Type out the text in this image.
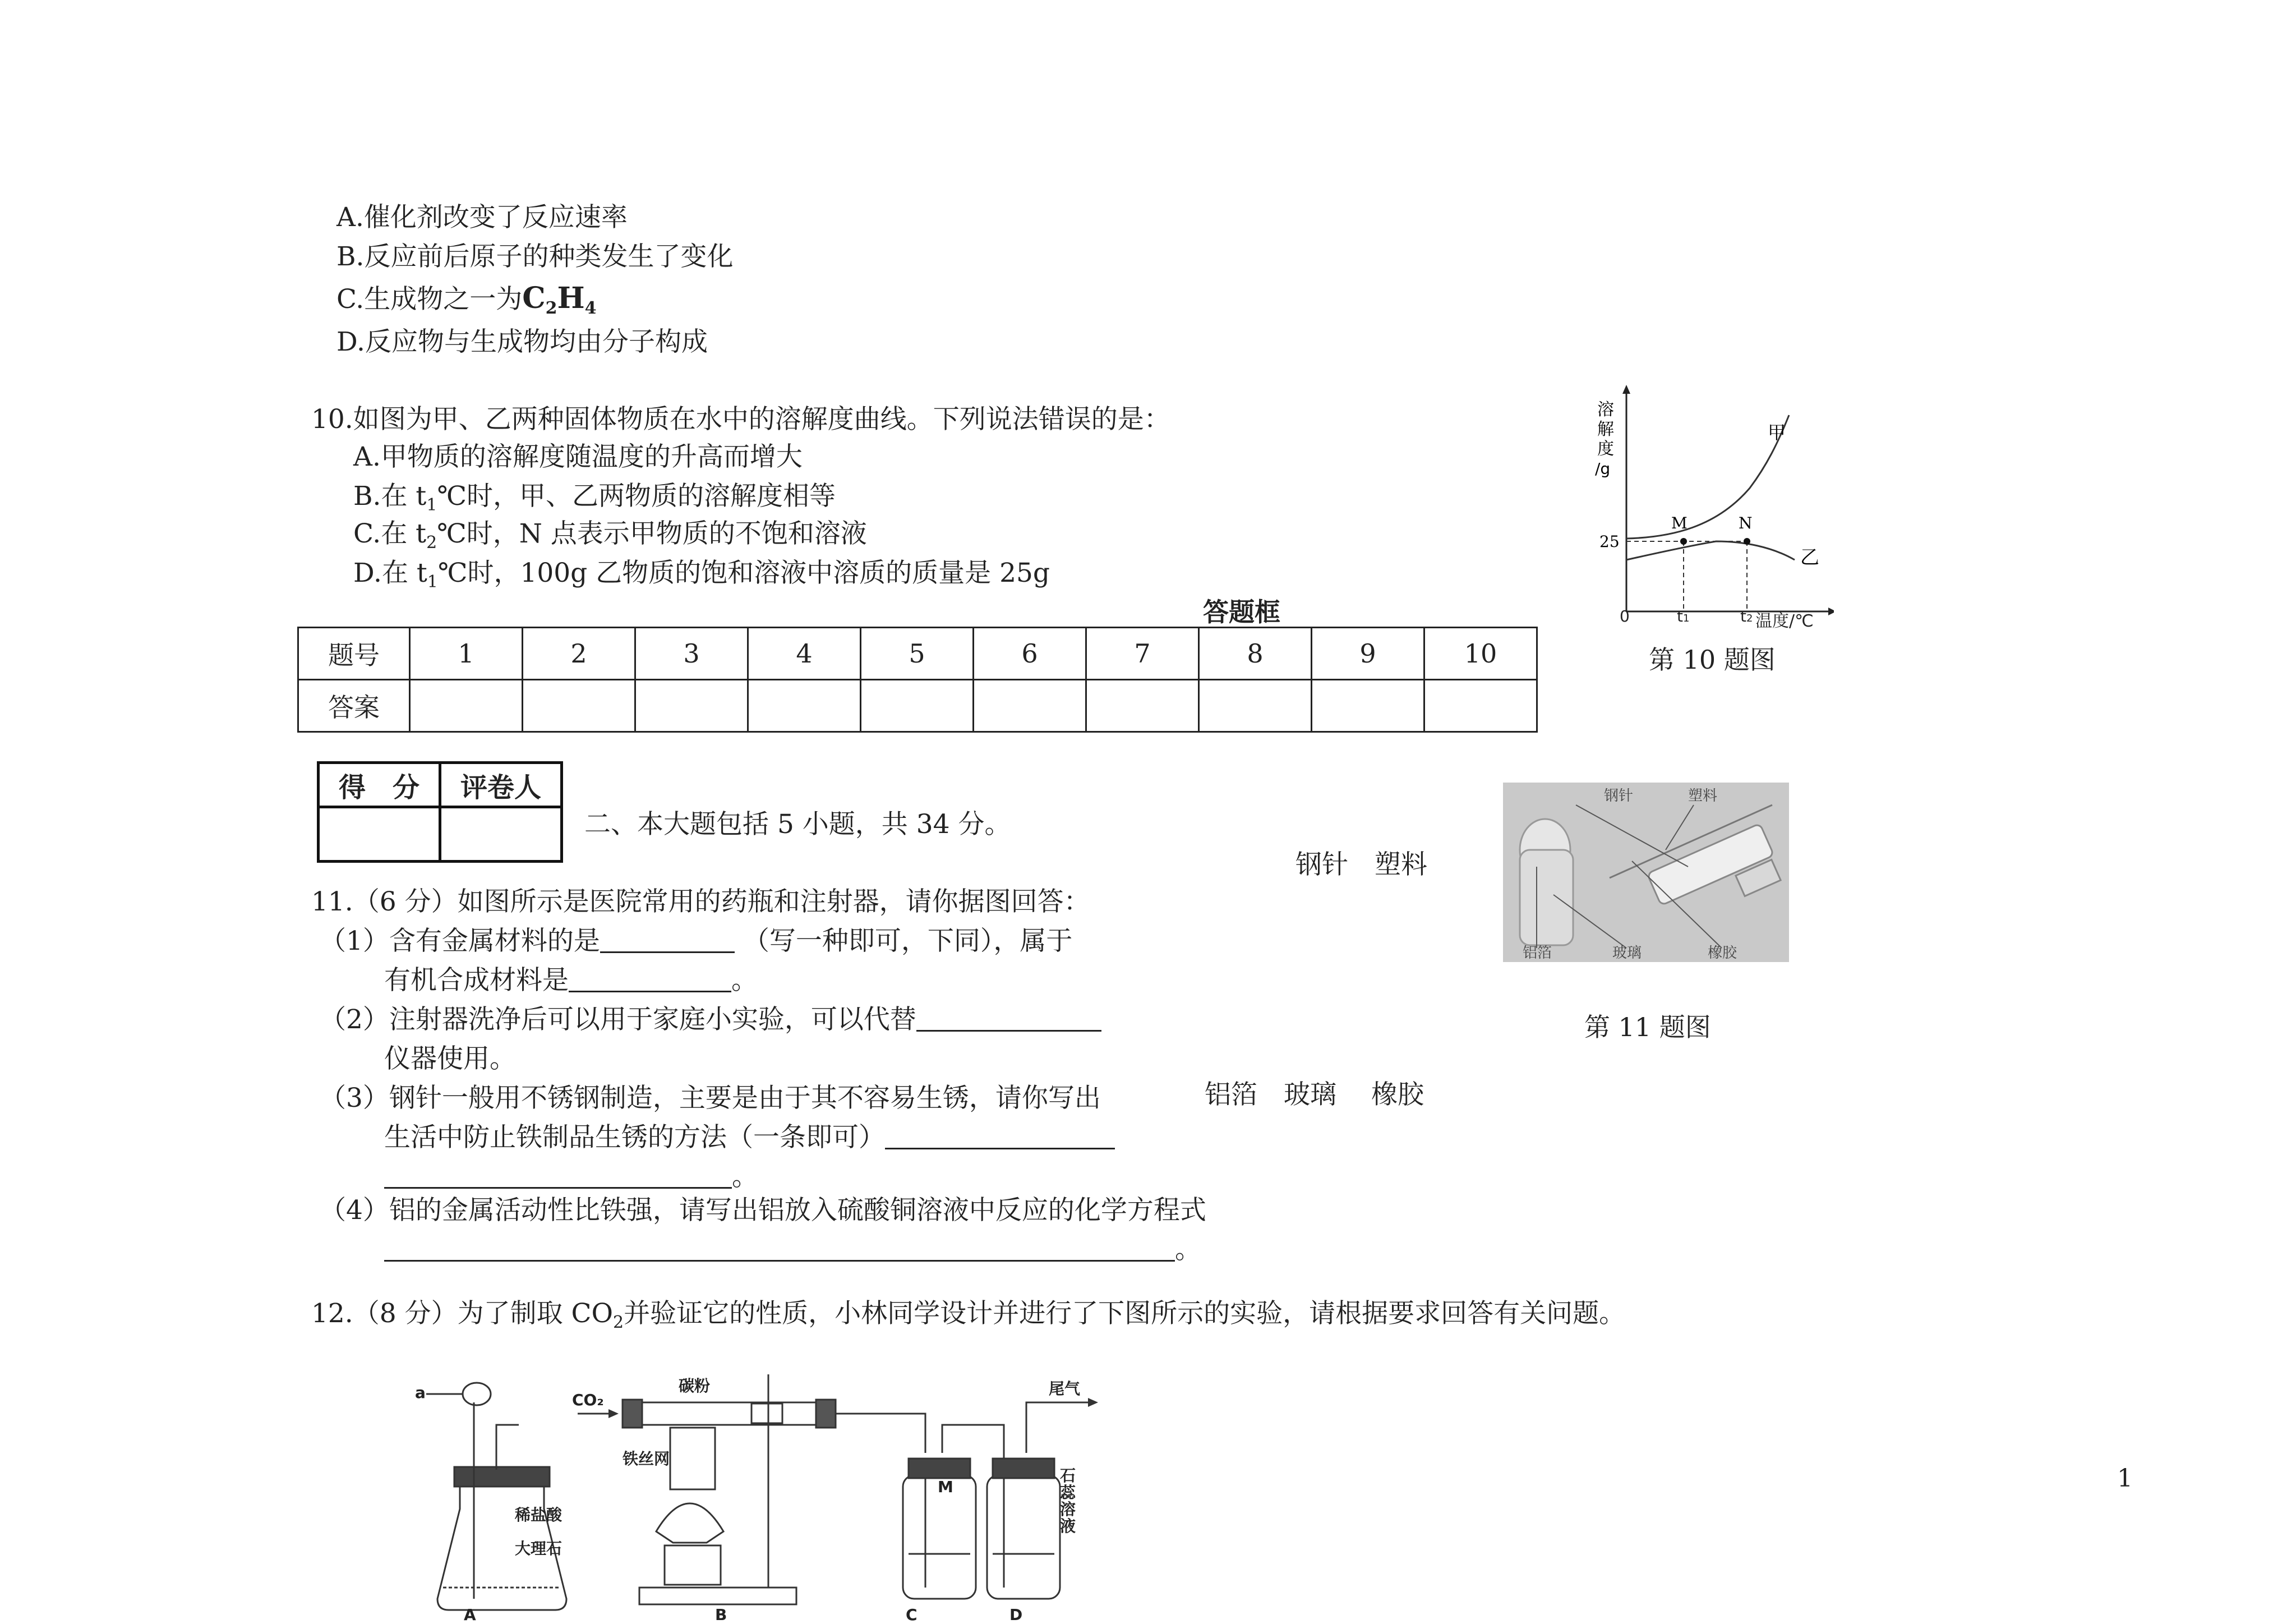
A.催化剂改变了反应速率
B.反应前后原子的种类发生了变化
C.生成物之一为$C_2H_4$
D.反应物与生成物均由分子构成
10.如图为甲、乙两种固体物质在水中的溶解度曲线。下列说法错误的是：
A.甲物质的溶解度随温度的升高而增大
B.在 $t_1℃$时，甲、乙两物质的溶解度相等
C.在 $t_2℃$时，N 点表示甲物质的不饱和溶液
D.在 $t_1℃$时，100g 乙物质的饱和溶液中溶质的质量是 25g
溶
解
度
/g
25
甲
乙
M	N
0	t1	t2 温度/℃
第 10 题图
答题框
题号	1	2	3	4	5	6	7	8	9	10
答案										
得　分	评卷人

二、本大题包括 5 小题，共 34 分。
钢针　塑料
铝箔　玻璃　 橡胶
钢针	塑料
铝箔	玻璃	橡胶
第 11 题图
11.（6 分）如图所示是医院常用的药瓶和注射器，请你据图回答：
（1）含有金属材料的是	（写一种即可，下同），属于
有机合成材料是	。
（2）注射器洗净后可以用于家庭小实验，可以代替
仪器使用。
（3）钢针一般用不锈钢制造，主要是由于其不容易生锈，请你写出
生活中防止铁制品生锈的方法（一条即可）
。
（4）铝的金属活动性比铁强，请写出铝放入硫酸铜溶液中反应的化学方程式
。
12.（8 分）为了制取 $CO_2$并验证它的性质，小林同学设计并进行了下图所示的实验，请根据要求回答有关问题。
a	CO₂
碳粉	尾气
铁丝网
稀盐酸
大理石
M
石
蕊
溶
液
A	B	C	D
1
